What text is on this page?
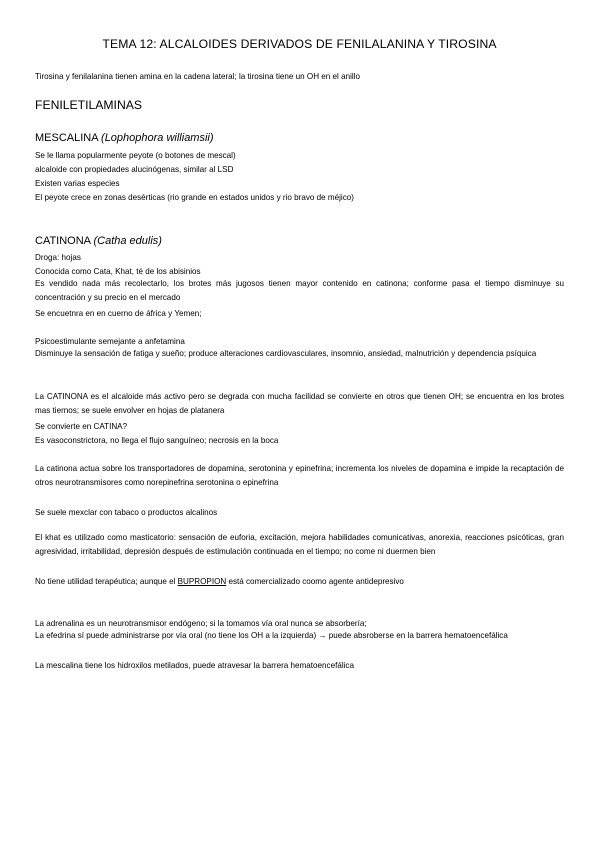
TEMA 12: ALCALOIDES DERIVADOS DE FENILALANINA Y TIROSINA
Tirosina y fenilalanina tienen amina en la cadena lateral; la tirosina tiene un OH en el anillo
FENILETILAMINAS
MESCALINA (Lophophora williamsii)
Se le llama popularmente peyote (o botones de mescal)
alcaloide con propiedades alucinógenas, similar al LSD
Existen varias especies
El peyote crece en zonas desérticas (rio grande en estados unidos y rio bravo de méjico)
CATINONA (Catha edulis)
Droga: hojas
Conocida como Cata, Khat, té de los abisinios
Es vendido nada más recolectarlo, los brotes más jugosos tienen mayor contenido en catinona; conforme pasa el tiempo disminuye su concentración y su precio en el mercado
Se encuetnra en en cuerno de áfrica y Yemen;
Psicoestimulante semejante a anfetamina
Disminuye la sensación de fatiga y sueño; produce alteraciones cardiovasculares, insomnio, ansiedad, malnutrición y dependencia psíquica
La CATINONA es el alcaloide más activo pero se degrada con mucha facilidad se convierte en otros que tienen OH; se encuentra en los brotes mas tiernos; se suele envolver en hojas de platanera
Se convierte en CATINA?
Es vasoconstrictora, no llega el flujo sanguíneo; necrosis en la boca
La catinona actua sobre los transportadores de dopamina, serotonina y epinefrina; incrementa los niveles de dopamina e impide la recaptación de otros neurotransmisores como norepinefrina serotonina o epinefrina
Se suele mexclar con tabaco o productos alcalinos
El khat es utilizado como masticatorio: sensación de euforia, excitación, mejora habilidades comunicativas, anorexia, reacciones psicóticas, gran agresividad, irritabilidad, depresión después de estimulación continuada en el tiempo; no come ni duermen bien
No tiene utilidad terapéutica; aunque el BUPROPION está comercializado coomo agente antidepresivo
La adrenalina es un neurotransmisor endógeno; si la tomamos vía oral nunca se absorbería;
La efedrina sí puede administrarse por vía oral (no tiene los OH a la izquierda) → puede absroberse en la barrera hematoencefálica
La mescalina tiene los hidroxilos metilados, puede atravesar la barrera hematoencefálica
